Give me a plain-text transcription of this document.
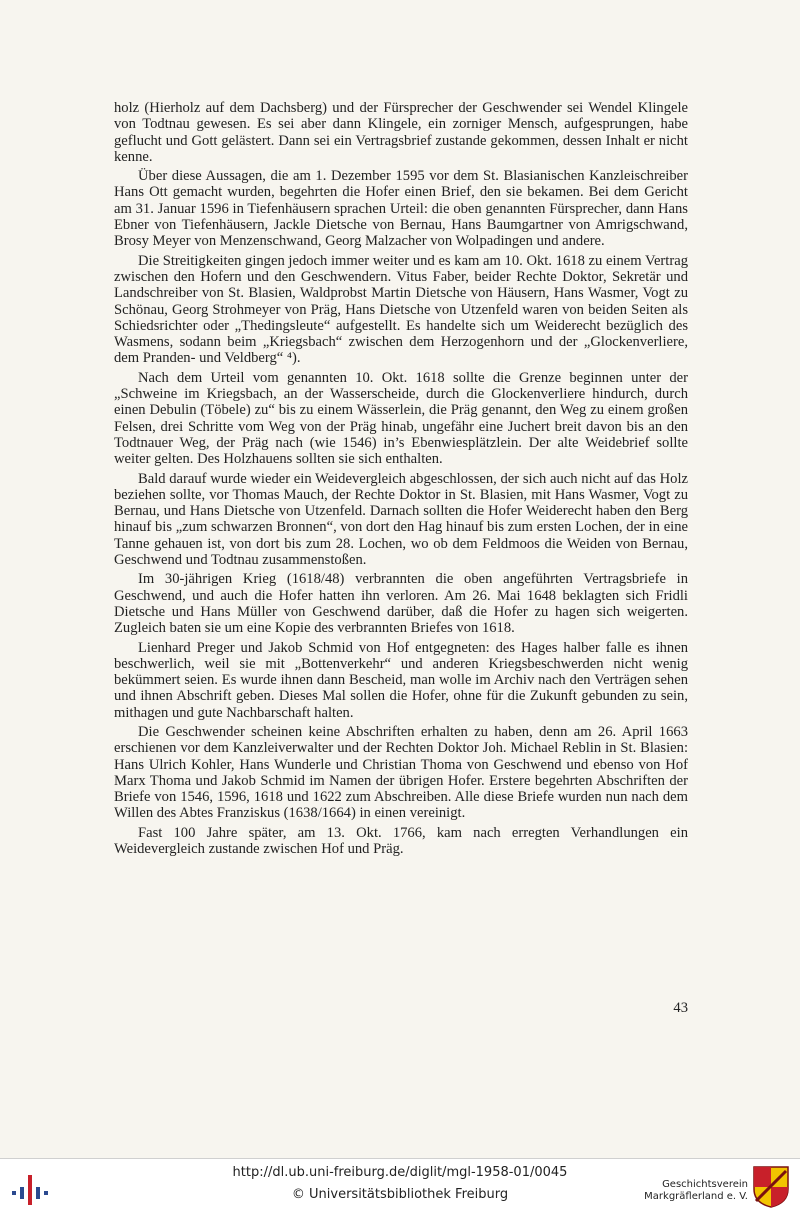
holz (Hierholz auf dem Dachsberg) und der Fürsprecher der Geschwender sei Wendel Klingele von Todtnau gewesen. Es sei aber dann Klingele, ein zorniger Mensch, aufgesprungen, habe geflucht und Gott gelästert. Dann sei ein Vertragsbrief zustande gekommen, dessen Inhalt er nicht kenne.

Über diese Aussagen, die am 1. Dezember 1595 vor dem St. Blasianischen Kanzleischreiber Hans Ott gemacht wurden, begehrten die Hofer einen Brief, den sie bekamen. Bei dem Gericht am 31. Januar 1596 in Tiefenhäusern sprachen Urteil: die oben genannten Fürsprecher, dann Hans Ebner von Tiefenhäusern, Jackle Dietsche von Bernau, Hans Baumgartner von Amrigschwand, Brosy Meyer von Menzenschwand, Georg Malzacher von Wolpadingen und andere.

Die Streitigkeiten gingen jedoch immer weiter und es kam am 10. Okt. 1618 zu einem Vertrag zwischen den Hofern und den Geschwendern. Vitus Faber, beider Rechte Doktor, Sekretär und Landschreiber von St. Blasien, Waldprobst Martin Dietsche von Häusern, Hans Wasmer, Vogt zu Schönau, Georg Strohmeyer von Präg, Hans Dietsche von Utzenfeld waren von beiden Seiten als Schiedsrichter oder „Thedingsleute“ aufgestellt. Es handelte sich um Weiderecht bezüglich des Wasmens, sodann beim „Kriegsbach“ zwischen dem Herzogenhorn und der „Glockenverliere, dem Pranden- und Veldberg“ ⁴).

Nach dem Urteil vom genannten 10. Okt. 1618 sollte die Grenze beginnen unter der „Schweine im Kriegsbach, an der Wasserscheide, durch die Glockenverliere hindurch, durch einen Debulin (Töbele) zu“ bis zu einem Wässerlein, die Präg genannt, den Weg zu einem großen Felsen, drei Schritte vom Weg von der Präg hinab, ungefähr eine Juchert breit davon bis an den Todtnauer Weg, der Präg nach (wie 1546) in’s Ebenwiesplätzlein. Der alte Weidebrief sollte weiter gelten. Des Holzhauens sollten sie sich enthalten.

Bald darauf wurde wieder ein Weidevergleich abgeschlossen, der sich auch nicht auf das Holz beziehen sollte, vor Thomas Mauch, der Rechte Doktor in St. Blasien, mit Hans Wasmer, Vogt zu Bernau, und Hans Dietsche von Utzenfeld. Darnach sollten die Hofer Weiderecht haben den Berg hinauf bis „zum schwarzen Bronnen“, von dort den Hag hinauf bis zum ersten Lochen, der in eine Tanne gehauen ist, von dort bis zum 28. Lochen, wo ob dem Feldmoos die Weiden von Bernau, Geschwend und Todtnau zusammenstoßen.

Im 30-jährigen Krieg (1618/48) verbrannten die oben angeführten Vertragsbriefe in Geschwend, und auch die Hofer hatten ihn verloren. Am 26. Mai 1648 beklagten sich Fridli Dietsche und Hans Müller von Geschwend darüber, daß die Hofer zu hagen sich weigerten. Zugleich baten sie um eine Kopie des verbrannten Briefes von 1618.

Lienhard Preger und Jakob Schmid von Hof entgegneten: des Hages halber falle es ihnen beschwerlich, weil sie mit „Bottenverkehr“ und anderen Kriegsbeschwerden nicht wenig bekümmert seien. Es wurde ihnen dann Bescheid, man wolle im Archiv nach den Verträgen sehen und ihnen Abschrift geben. Dieses Mal sollen die Hofer, ohne für die Zukunft gebunden zu sein, mithagen und gute Nachbarschaft halten.

Die Geschwender scheinen keine Abschriften erhalten zu haben, denn am 26. April 1663 erschienen vor dem Kanzleiverwalter und der Rechten Doktor Joh. Michael Reblin in St. Blasien: Hans Ulrich Kohler, Hans Wunderle und Christian Thoma von Geschwend und ebenso von Hof Marx Thoma und Jakob Schmid im Namen der übrigen Hofer. Erstere begehrten Abschriften der Briefe von 1546, 1596, 1618 und 1622 zum Abschreiben. Alle diese Briefe wurden nun nach dem Willen des Abtes Franziskus (1638/1664) in einen vereinigt.

Fast 100 Jahre später, am 13. Okt. 1766, kam nach erregten Verhandlungen ein Weidevergleich zustande zwischen Hof und Präg.

43
http://dl.ub.uni-freiburg.de/diglit/mgl-1958-01/0045
© Universitätsbibliothek Freiburg
Geschichtsverein
Markgräflerland e. V.
